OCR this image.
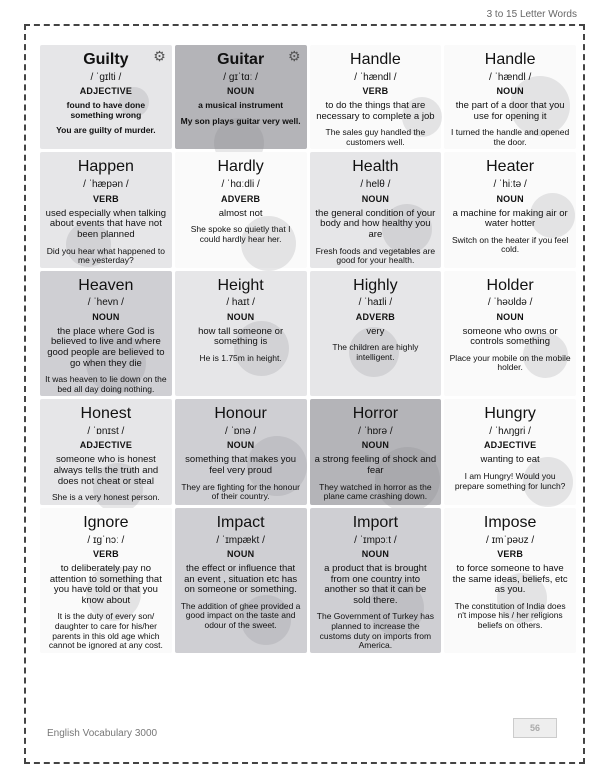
3 to 15 Letter Words
⚙
Guilty
/ ˈɡɪlti /
ADJECTIVE
found to have done something wrong
You are guilty of murder.
⚙
Guitar
/ ɡɪˈtɑː /
NOUN
a musical instrument
My son plays guitar very well.
Handle
/ ˈhændl /
VERB
to do the things that are necessary to complete a job
The sales guy handled the customers well.
Handle
/ ˈhændl /
NOUN
the part of a door that you use for opening it
I turned the handle and opened the door.
Happen
/ ˈhæpən /
VERB
used especially when talking about events that have not been planned
Did you hear what happened to me yesterday?
Hardly
/ ˈhɑːdli /
ADVERB
almost not
She spoke so quietly that I could hardly hear her.
Health
/ helθ /
NOUN
the general condition of your body and how healthy you are
Fresh foods and vegetables are good for your health.
Heater
/ ˈhiːtə /
NOUN
a machine for making air or water hotter
Switch on the heater if you feel cold.
Heaven
/ ˈhevn /
NOUN
the place where God is believed to live and where good people are believed to go when they die
It was heaven to lie down on the bed all day doing nothing.
Height
/ haɪt /
NOUN
how tall someone or something is
He is 1.75m in height.
Highly
/ ˈhaɪli /
ADVERB
very
The children are highly intelligent.
Holder
/ ˈhəʊldə /
NOUN
someone who owns or controls something
Place your mobile on the mobile holder.
Honest
/ ˈɒnɪst /
ADJECTIVE
someone who is honest always tells the truth and does not cheat or steal
She is a very honest person.
Honour
/ ˈɒnə /
NOUN
something that makes you feel very proud
They are fighting for the honour of their country.
Horror
/ ˈhɒrə /
NOUN
a strong feeling of shock and fear
They watched in horror as the plane came crashing down.
Hungry
/ ˈhʌŋɡri /
ADJECTIVE
wanting to eat
I am Hungry! Would you prepare something for lunch?
Ignore
/ ɪɡˈnɔː /
VERB
to deliberately pay no attention to something that you have told or that you know about
It is the duty of every son/ daughter to care for his/her parents in this old age which cannot be ignored at any cost.
Impact
/ ˈɪmpækt /
NOUN
the effect or influence that an event , situation etc has on someone or something.
The addition of ghee provided a good impact on the taste and odour of the sweet.
Import
/ ˈɪmpɔːt /
NOUN
a product that is brought from one country into another so that it can be sold there.
The Government of Turkey has planned to increase the customs duty on imports from America.
Impose
/ ɪmˈpəʊz /
VERB
to force someone to have the same ideas, beliefs, etc as you.
The constitution of India does n't impose his / her religions beliefs on others.
English Vocabulary 3000	56
